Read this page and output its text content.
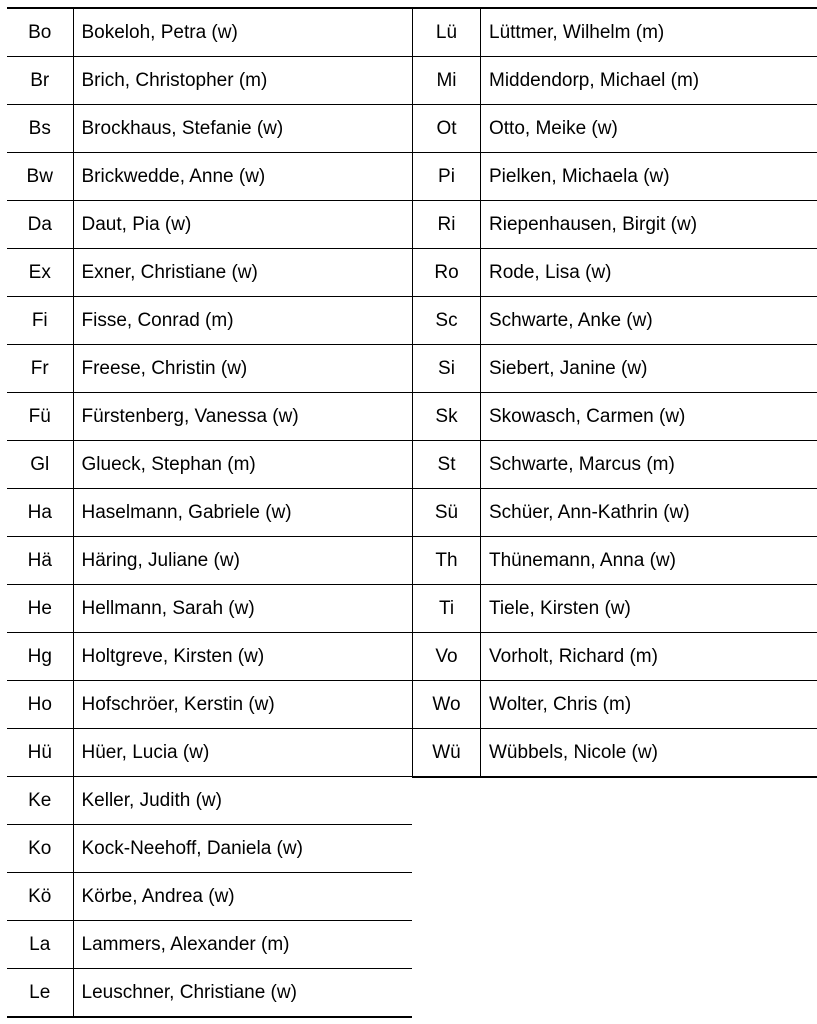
Bo	Bokeloh, Petra (w)
Br	Brich, Christopher (m)
Bs	Brockhaus, Stefanie (w)
Bw	Brickwedde, Anne (w)
Da	Daut, Pia (w)
Ex	Exner, Christiane (w)
Fi	Fisse, Conrad (m)
Fr	Freese, Christin (w)
Fü	Fürstenberg, Vanessa (w)
Gl	Glueck, Stephan (m)
Ha	Haselmann, Gabriele (w)
Hä	Häring, Juliane (w)
He	Hellmann, Sarah (w)
Hg	Holtgreve, Kirsten (w)
Ho	Hofschröer, Kerstin (w)
Hü	Hüer, Lucia (w)
Ke	Keller, Judith (w)
Ko	Kock-Neehoff, Daniela (w)
Kö	Körbe, Andrea (w)
La	Lammers, Alexander (m)
Le	Leuschner, Christiane (w)
Lü	Lüttmer, Wilhelm (m)
Mi	Middendorp, Michael (m)
Ot	Otto, Meike (w)
Pi	Pielken, Michaela (w)
Ri	Riepenhausen, Birgit (w)
Ro	Rode, Lisa (w)
Sc	Schwarte, Anke (w)
Si	Siebert, Janine (w)
Sk	Skowasch, Carmen (w)
St	Schwarte, Marcus (m)
Sü	Schüer, Ann-Kathrin (w)
Th	Thünemann, Anna (w)
Ti	Tiele, Kirsten (w)
Vo	Vorholt, Richard (m)
Wo	Wolter, Chris (m)
Wü	Wübbels, Nicole (w)
